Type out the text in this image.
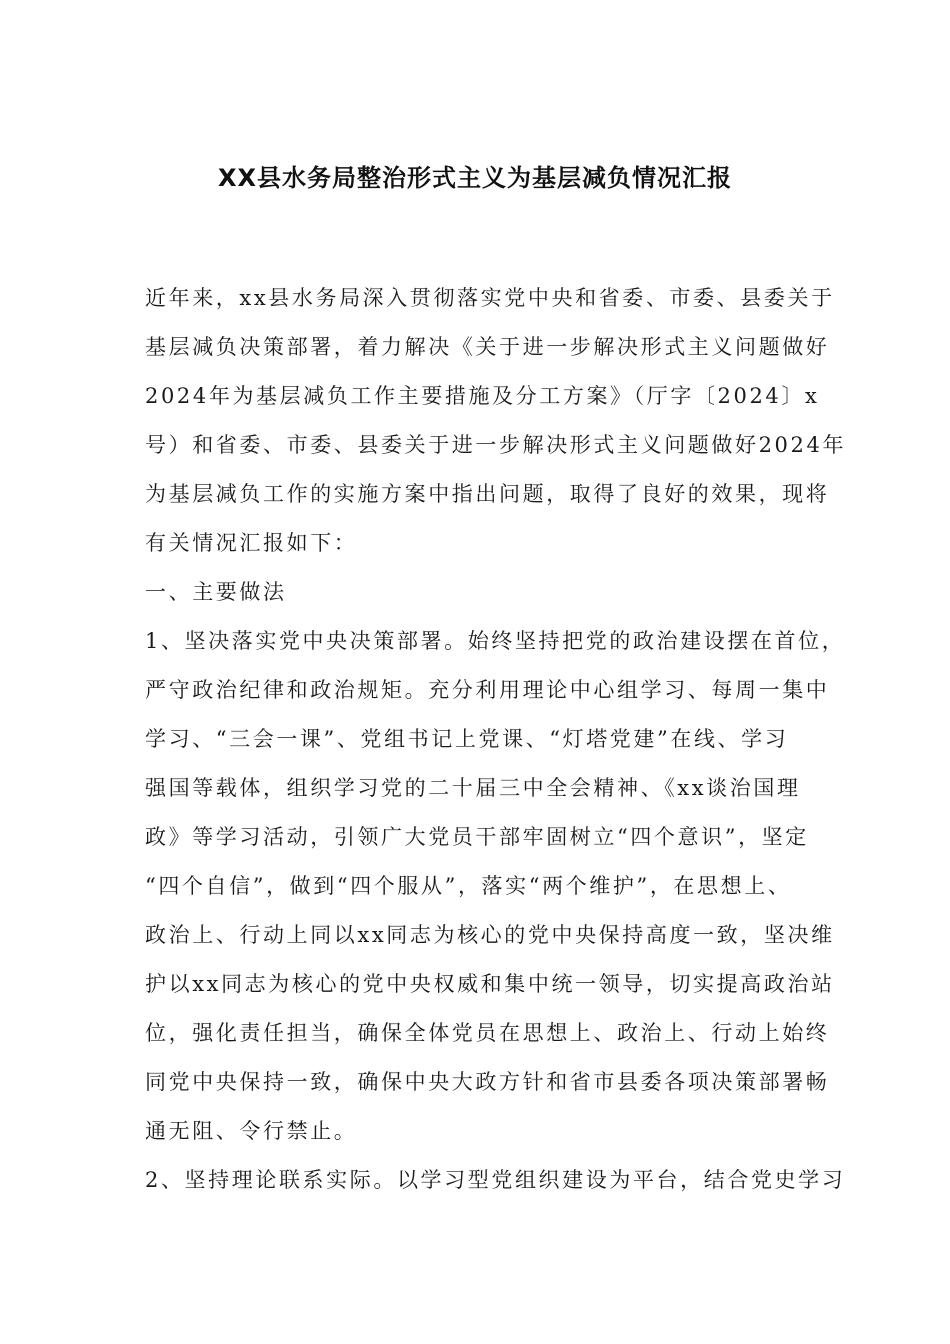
XX县水务局整治形式主义为基层减负情况汇报
近年来，xx县水务局深入贯彻落实党中央和省委、市委、县委关于
基层减负决策部署，着力解决《关于进一步解决形式主义问题做好
2024年为基层减负工作主要措施及分工方案》（厅字〔2024〕x
号）和省委、市委、县委关于进一步解决形式主义问题做好2024年
为基层减负工作的实施方案中指出问题，取得了良好的效果，现将
有关情况汇报如下：
一、主要做法
1、坚决落实党中央决策部署。始终坚持把党的政治建设摆在首位，
严守政治纪律和政治规矩。充分利用理论中心组学习、每周一集中
学习、“三会一课”、党组书记上党课、“灯塔党建”在线、学习
强国等载体，组织学习党的二十届三中全会精神、《xx谈治国理
政》等学习活动，引领广大党员干部牢固树立“四个意识”，坚定
“四个自信”，做到“四个服从”，落实“两个维护”，在思想上、
政治上、行动上同以xx同志为核心的党中央保持高度一致，坚决维
护以xx同志为核心的党中央权威和集中统一领导，切实提高政治站
位，强化责任担当，确保全体党员在思想上、政治上、行动上始终
同党中央保持一致，确保中央大政方针和省市县委各项决策部署畅
通无阻、令行禁止。
2、坚持理论联系实际。以学习型党组织建设为平台，结合党史学习
